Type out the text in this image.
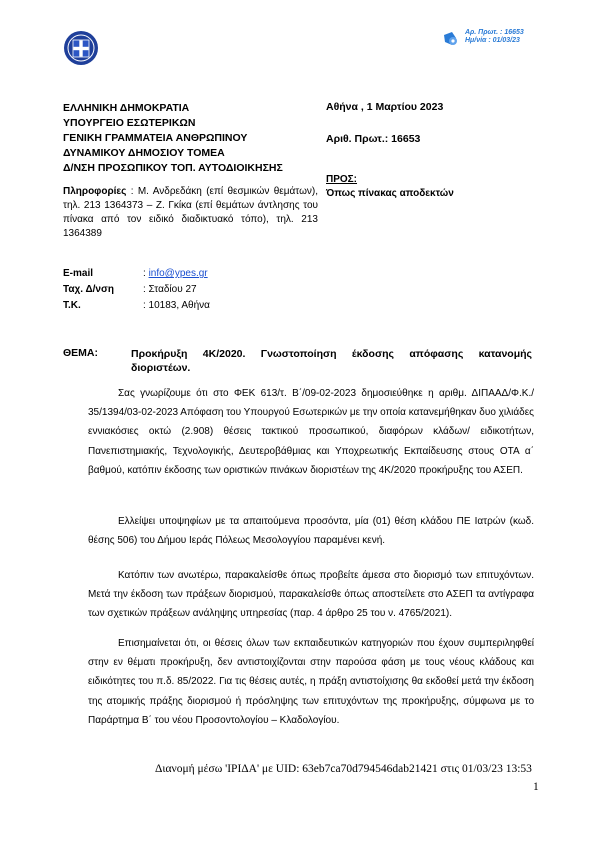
Αρ. Πρωτ. : 16653
Ημ/νία : 01/03/23
ΕΛΛΗΝΙΚΗ ΔΗΜΟΚΡΑΤΙΑ
ΥΠΟΥΡΓΕΙΟ ΕΣΩΤΕΡΙΚΩΝ
ΓΕΝΙΚΗ ΓΡΑΜΜΑΤΕΙΑ ΑΝΘΡΩΠΙΝΟΥ
ΔΥΝΑΜΙΚΟΥ ΔΗΜΟΣΙΟΥ ΤΟΜΕΑ
Δ/ΝΣΗ ΠΡΟΣΩΠΙΚΟΥ ΤΟΠ. ΑΥΤΟΔΙΟΙΚΗΣΗΣ
Αθήνα , 1 Μαρτίου 2023
Αριθ. Πρωτ.: 16653
Πληροφορίες : Μ. Ανδρεδάκη (επί θεσμικών θεμάτων), τηλ. 213 1364373 – Ζ. Γκίκα (επί θεμάτων άντλησης του πίνακα από τον ειδικό διαδικτυακό τόπο), τηλ. 213 1364389
ΠΡΟΣ:
Όπως πίνακας αποδεκτών
E-mail	: info@ypes.gr
Ταχ. Δ/νση	: Σταδίου 27
Τ.Κ.	: 10183, Αθήνα
ΘΕΜΑ:	Προκήρυξη 4Κ/2020. Γνωστοποίηση έκδοσης απόφασης κατανομής διοριστέων.
Σας γνωρίζουμε ότι στο ΦΕΚ 613/τ. Β΄/09-02-2023 δημοσιεύθηκε η αριθμ. ΔΙΠΑΑΔ/Φ.Κ./ 35/1394/03-02-2023 Απόφαση του Υπουργού Εσωτερικών με την οποία κατανεμήθηκαν δυο χιλιάδες εννιακόσιες οκτώ (2.908) θέσεις τακτικού προσωπικού, διαφόρων κλάδων/ ειδικοτήτων, Πανεπιστημιακής, Τεχνολογικής, Δευτεροβάθμιας και Υποχρεωτικής Εκπαίδευσης στους ΟΤΑ α΄ βαθμού, κατόπιν έκδοσης των οριστικών πινάκων διοριστέων της 4Κ/2020 προκήρυξης του ΑΣΕΠ.
Ελλείψει υποψηφίων με τα απαιτούμενα προσόντα, μία (01) θέση κλάδου ΠΕ Ιατρών (κωδ. θέσης 506) του Δήμου Ιεράς Πόλεως Μεσολογγίου παραμένει κενή.
Κατόπιν των ανωτέρω, παρακαλείσθε όπως προβείτε άμεσα στο διορισμό των επιτυχόντων. Μετά την έκδοση των πράξεων διορισμού, παρακαλείσθε όπως αποστείλετε στο ΑΣΕΠ τα αντίγραφα των σχετικών πράξεων ανάληψης υπηρεσίας (παρ. 4 άρθρο 25 του ν. 4765/2021).
Επισημαίνεται ότι, οι θέσεις όλων των εκπαιδευτικών κατηγοριών που έχουν συμπεριληφθεί στην εν θέματι προκήρυξη, δεν αντιστοιχίζονται στην παρούσα φάση με τους νέους κλάδους και ειδικότητες του π.δ. 85/2022. Για τις θέσεις αυτές, η πράξη αντιστοίχισης θα εκδοθεί μετά την έκδοση της ατομικής πράξης διορισμού ή πρόσληψης των επιτυχόντων της προκήρυξης, σύμφωνα με το Παράρτημα Β΄ του νέου Προσοντολογίου – Κλαδολογίου.
Διανομή μέσω 'ΙΡΙΔΑ' με UID: 63eb7ca70d794546dab21421 στις 01/03/23 13:53
1
